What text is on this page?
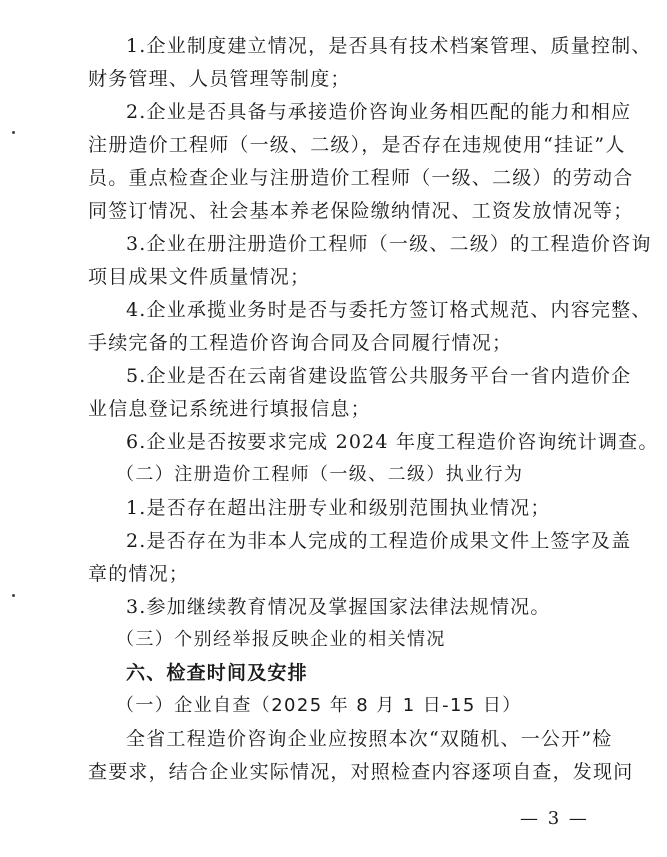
1.企业制度建立情况，是否具有技术档案管理、质量控制、
财务管理、人员管理等制度；
2.企业是否具备与承接造价咨询业务相匹配的能力和相应
注册造价工程师（一级、二级），是否存在违规使用“挂证”人
员。重点检查企业与注册造价工程师（一级、二级）的劳动合
同签订情况、社会基本养老保险缴纳情况、工资发放情况等；
3.企业在册注册造价工程师（一级、二级）的工程造价咨询
项目成果文件质量情况；
4.企业承揽业务时是否与委托方签订格式规范、内容完整、
手续完备的工程造价咨询合同及合同履行情况；
5.企业是否在云南省建设监管公共服务平台一省内造价企
业信息登记系统进行填报信息；
6.企业是否按要求完成 2024 年度工程造价咨询统计调查。
（二）注册造价工程师（一级、二级）执业行为
1.是否存在超出注册专业和级别范围执业情况；
2.是否存在为非本人完成的工程造价成果文件上签字及盖
章的情况；
3.参加继续教育情况及掌握国家法律法规情况。
（三）个别经举报反映企业的相关情况
六、检查时间及安排
（一）企业自查（2025 年 8 月 1 日-15 日）
全省工程造价咨询企业应按照本次“双随机、一公开”检
查要求，结合企业实际情况，对照检查内容逐项自查，发现问
— 3 —
